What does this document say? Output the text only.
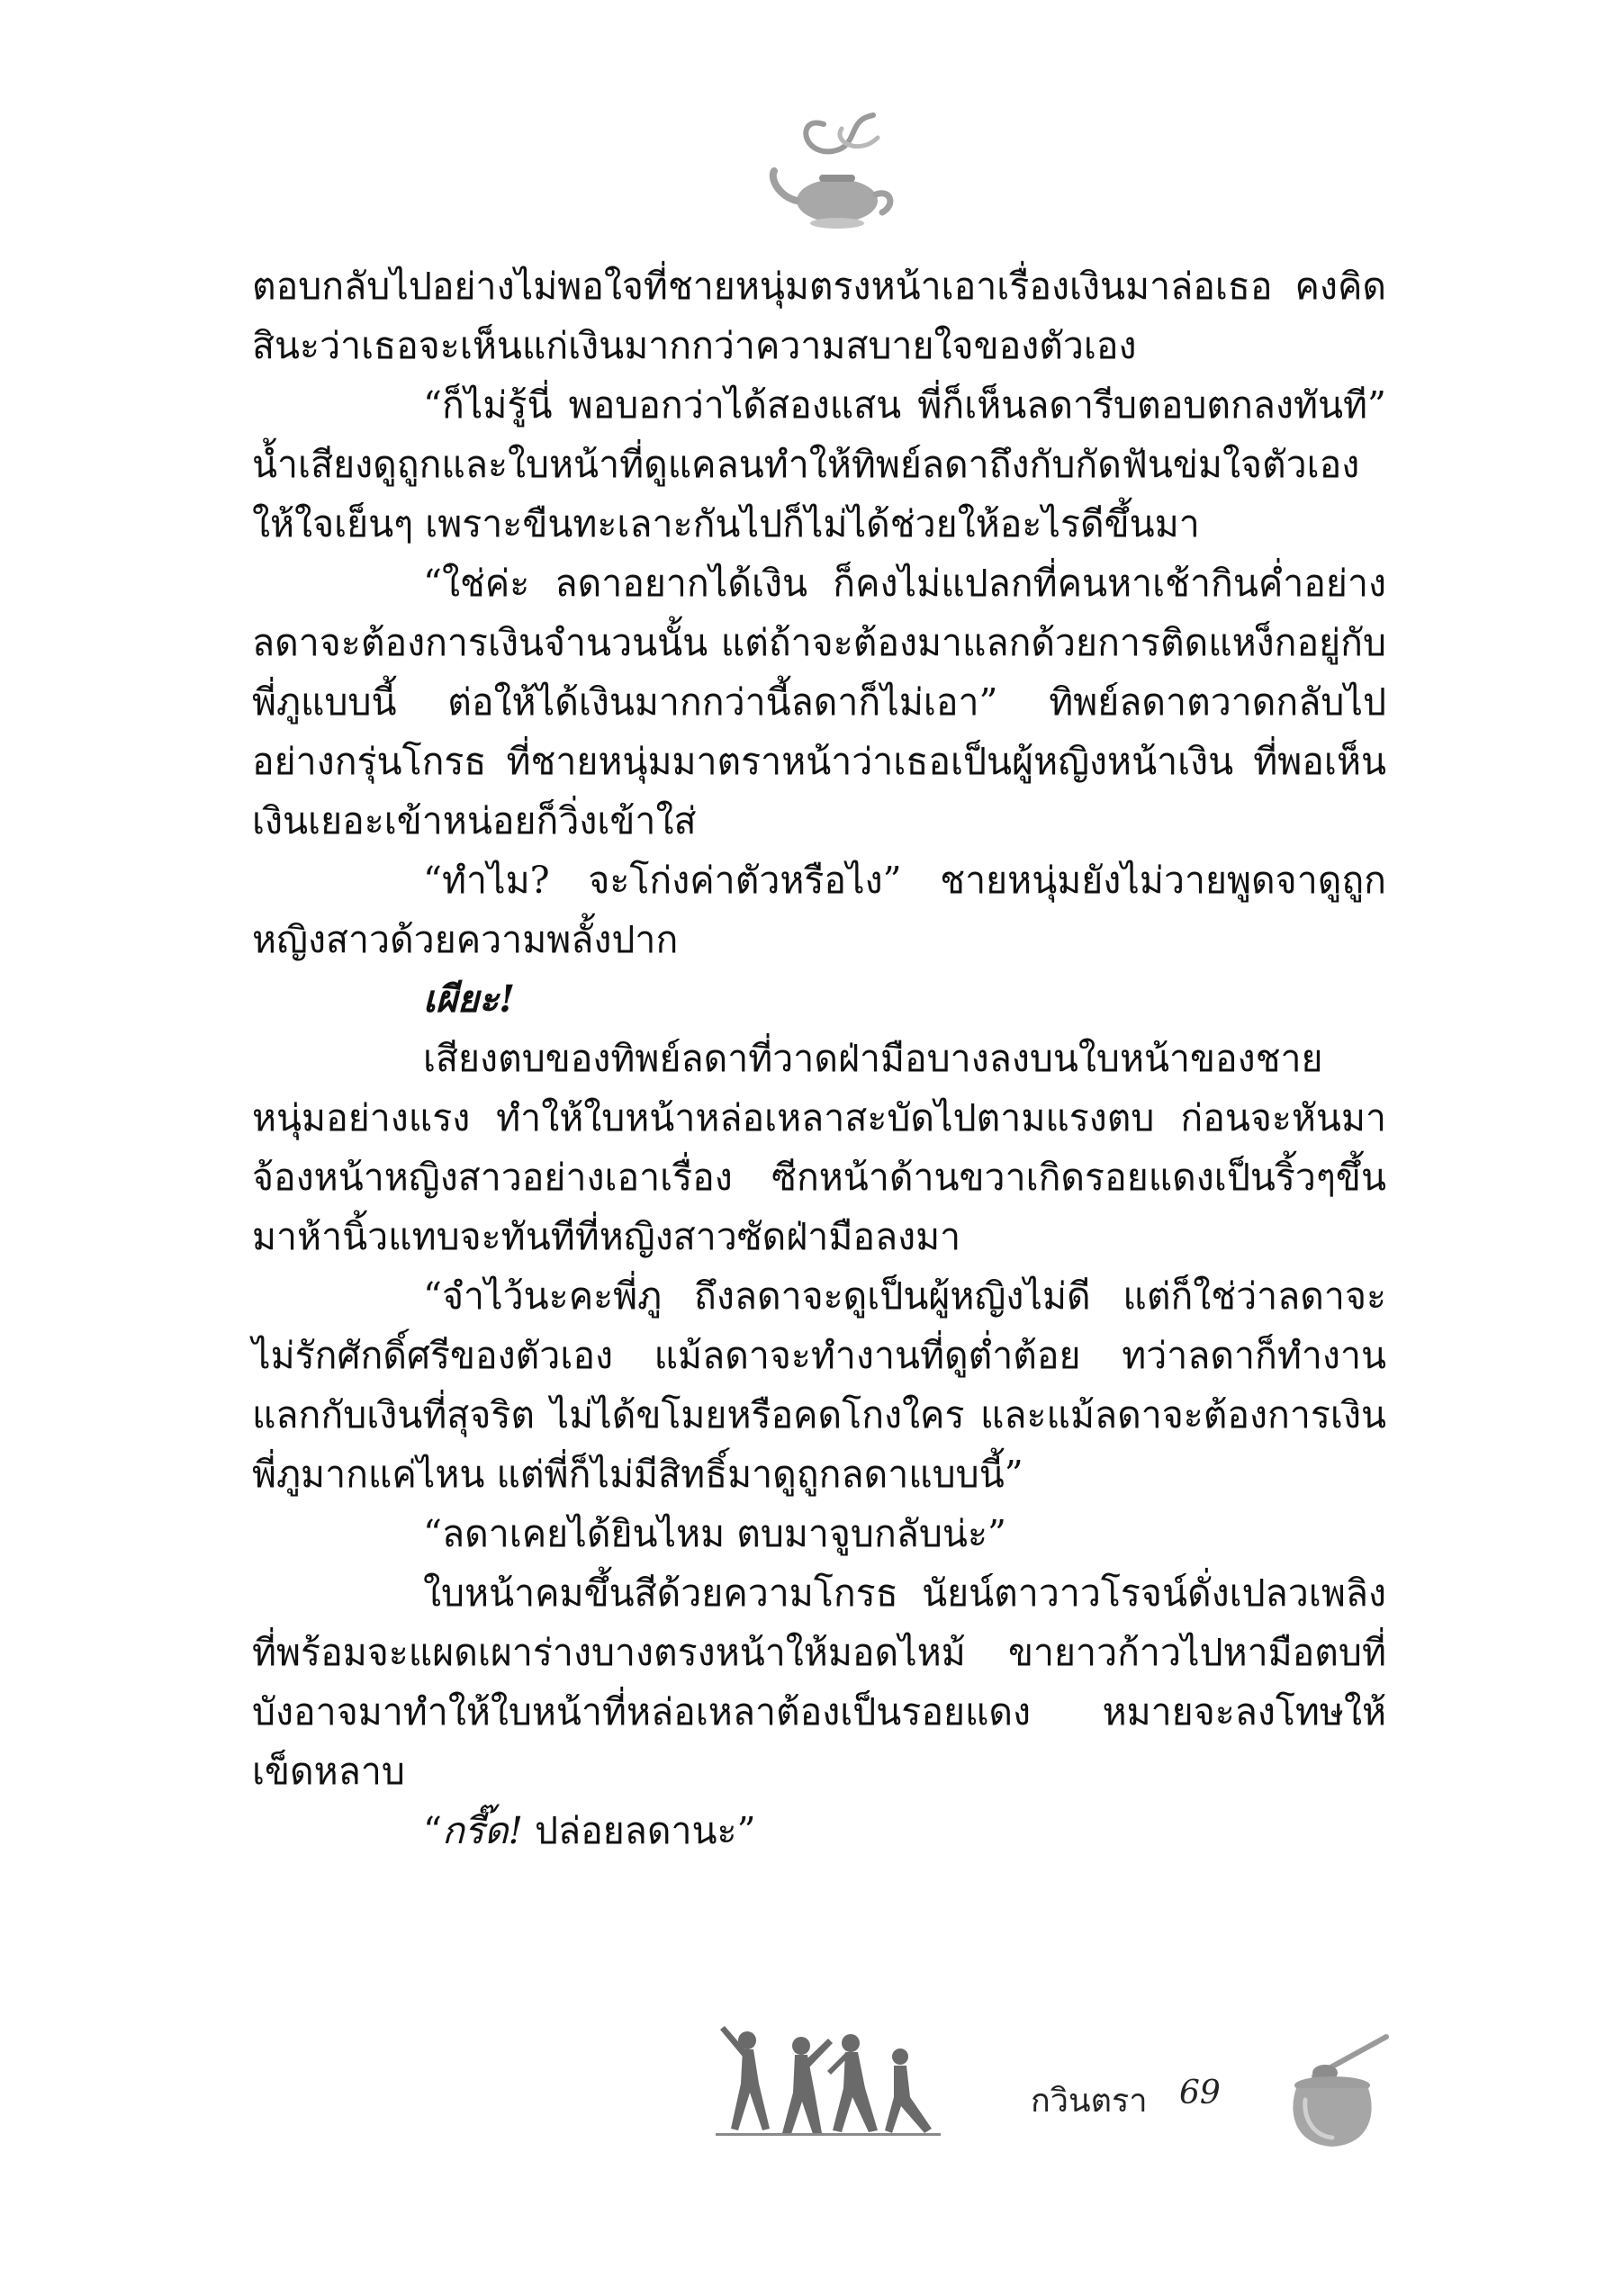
ตอบกลับไปอย่างไม่พอใจที่ชายหนุ่มตรงหน้าเอาเรื่องเงินมาล่อเธอ คงคิดสินะว่าเธอจะเห็นแก่เงินมากกว่าความสบายใจของตัวเอง

“ก็ไม่รู้นี่ พอบอกว่าได้สองแสน พี่ก็เห็นลดารีบตอบตกลงทันที” น้ำเสียงดูถูกและใบหน้าที่ดูแคลนทำให้ทิพย์ลดาถึงกับกัดฟันข่มใจตัวเองให้ใจเย็นๆ เพราะขืนทะเลาะกันไปก็ไม่ได้ช่วยให้อะไรดีขึ้นมา

“ใช่ค่ะ ลดาอยากได้เงิน ก็คงไม่แปลกที่คนหาเช้ากินค่ำอย่างลดาจะต้องการเงินจำนวนนั้น แต่ถ้าจะต้องมาแลกด้วยการติดแหง็กอยู่กับพี่ภูแบบนี้ ต่อให้ได้เงินมากกว่านี้ลดาก็ไม่เอา” ทิพย์ลดาตวาดกลับไปอย่างกรุ่นโกรธ ที่ชายหนุ่มมาตราหน้าว่าเธอเป็นผู้หญิงหน้าเงิน ที่พอเห็นเงินเยอะเข้าหน่อยก็วิ่งเข้าใส่

“ทำไม? จะโก่งค่าตัวหรือไง” ชายหนุ่มยังไม่วายพูดจาดูถูกหญิงสาวด้วยความพลั้งปาก

เผียะ!

เสียงตบของทิพย์ลดาที่วาดฝ่ามือบางลงบนใบหน้าของชายหนุ่มอย่างแรง ทำให้ใบหน้าหล่อเหลาสะบัดไปตามแรงตบ ก่อนจะหันมาจ้องหน้าหญิงสาวอย่างเอาเรื่อง ซีกหน้าด้านขวาเกิดรอยแดงเป็นริ้วๆขึ้นมาห้านิ้วแทบจะทันทีที่หญิงสาวซัดฝ่ามือลงมา

“จำไว้นะคะพี่ภู ถึงลดาจะดูเป็นผู้หญิงไม่ดี แต่ก็ใช่ว่าลดาจะไม่รักศักดิ์ศรีของตัวเอง แม้ลดาจะทำงานที่ดูต่ำต้อย ทว่าลดาก็ทำงานแลกกับเงินที่สุจริต ไม่ได้ขโมยหรือคดโกงใคร และแม้ลดาจะต้องการเงินพี่ภูมากแค่ไหน แต่พี่ก็ไม่มีสิทธิ์มาดูถูกลดาแบบนี้”

“ลดาเคยได้ยินไหม ตบมาจูบกลับน่ะ”

ใบหน้าคมขึ้นสีด้วยความโกรธ นัยน์ตาวาวโรจน์ดั่งเปลวเพลิงที่พร้อมจะแผดเผาร่างบางตรงหน้าให้มอดไหม้ ขายาวก้าวไปหามือตบที่บังอาจมาทำให้ใบหน้าที่หล่อเหลาต้องเป็นรอยแดง หมายจะลงโทษให้เข็ดหลาบ

“กรี๊ด! ปล่อยลดานะ”

กวินตรา 69
